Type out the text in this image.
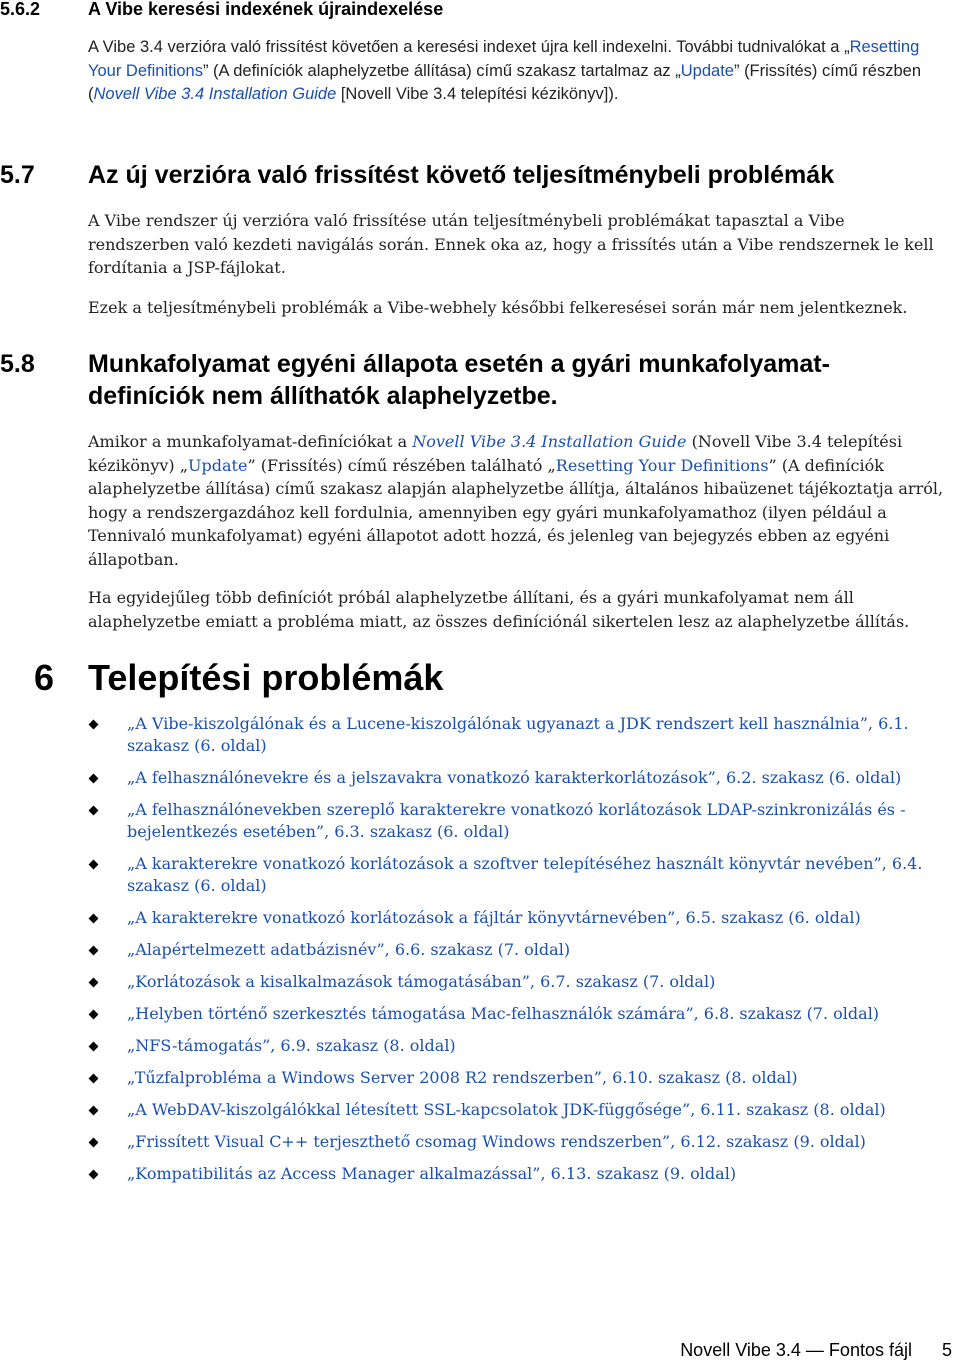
5.6.2	A Vibe keresési indexének újraindexelése
A Vibe 3.4 verzióra való frissítést követően a keresési indexet újra kell indexelni. További tudnivalókat a „Resetting Your Definitions” (A definíciók alaphelyzetbe állítása) című szakasz tartalmaz az „Update” (Frissítés) című részben (Novell Vibe 3.4 Installation Guide [Novell Vibe 3.4 telepítési kézikönyv]).
5.7 Az új verzióra való frissítést követő teljesítménybeli problémák
A Vibe rendszer új verzióra való frissítése után teljesítménybeli problémákat tapasztal a Vibe rendszerben való kezdeti navigálás során. Ennek oka az, hogy a frissítés után a Vibe rendszernek le kell fordítania a JSP-fájlokat.
Ezek a teljesítménybeli problémák a Vibe-webhely későbbi felkeresései során már nem jelentkeznek.
5.8 Munkafolyamat egyéni állapota esetén a gyári munkafolyamat-definíciók nem állíthatók alaphelyzetbe.
Amikor a munkafolyamat-definíciókat a Novell Vibe 3.4 Installation Guide (Novell Vibe 3.4 telepítési kézikönyv) „Update” (Frissítés) című részében található „Resetting Your Definitions” (A definíciók alaphelyzetbe állítása) című szakasz alapján alaphelyzetbe állítja, általános hibaüzenet tájékoztatja arról, hogy a rendszergazdához kell fordulnia, amennyiben egy gyári munkafolyamathoz (ilyen például a Tennivaló munkafolyamat) egyéni állapotot adott hozzá, és jelenleg van bejegyzés ebben az egyéni állapotban.
Ha egyidejűleg több definíciót próbál alaphelyzetbe állítani, és a gyári munkafolyamat nem áll alaphelyzetbe emiatt a probléma miatt, az összes definíciónál sikertelen lesz az alaphelyzetbe állítás.
6 Telepítési problémák
„A Vibe-kiszolgálónak és a Lucene-kiszolgálónak ugyanazt a JDK rendszert kell használnia”, 6.1. szakasz (6. oldal)
„A felhasználónevekre és a jelszavakra vonatkozó karakterkorlátozások”, 6.2. szakasz (6. oldal)
„A felhasználónevekben szereplő karakterekre vonatkozó korlátozások LDAP-szinkronizálás és -bejelentkezés esetében”, 6.3. szakasz (6. oldal)
„A karakterekre vonatkozó korlátozások a szoftver telepítéséhez használt könyvtár nevében”, 6.4. szakasz (6. oldal)
„A karakterekre vonatkozó korlátozások a fájltár könyvtárnevében”, 6.5. szakasz (6. oldal)
„Alapértelmezett adatbázisnév”, 6.6. szakasz (7. oldal)
„Korlátozások a kisalkalmazások támogatásában”, 6.7. szakasz (7. oldal)
„Helyben történő szerkesztés támogatása Mac-felhasználók számára”, 6.8. szakasz (7. oldal)
„NFS-támogatás”, 6.9. szakasz (8. oldal)
„Tűzfalprobléma a Windows Server 2008 R2 rendszerben”, 6.10. szakasz (8. oldal)
„A WebDAV-kiszolgálókkal létesített SSL-kapcsolatok JDK-függősége”, 6.11. szakasz (8. oldal)
„Frissített Visual C++ terjeszthető csomag Windows rendszerben”, 6.12. szakasz (9. oldal)
„Kompatibilitás az Access Manager alkalmazással”, 6.13. szakasz (9. oldal)
Novell Vibe 3.4 — Fontos fájl 5
